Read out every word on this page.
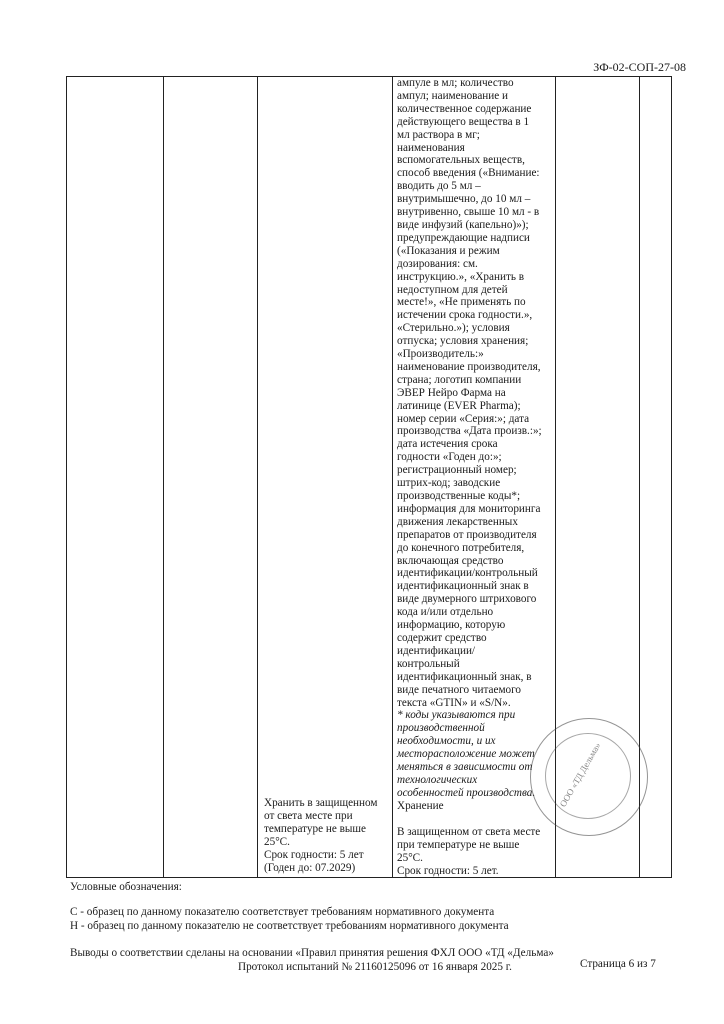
ЗФ-02-СОП-27-08
ампуле в мл; количество
ампул; наименование и
количественное содержание
действующего вещества в 1
мл раствора в мг;
наименования
вспомогательных веществ,
способ введения («Внимание:
вводить до 5 мл –
внутримышечно, до 10 мл –
внутривенно, свыше 10 мл - в
виде инфузий (капельно)»);
предупреждающие надписи
(«Показания и режим
дозирования: см.
инструкцию.», «Хранить в
недоступном для детей
месте!», «Не применять по
истечении срока годности.»,
«Стерильно.»); условия
отпуска; условия хранения;
«Производитель:»
наименование производителя,
страна; логотип компании
ЭВЕР Нейро Фарма на
латинице (EVER Pharma);
номер серии «Серия:»; дата
производства «Дата произв.:»;
дата истечения срока
годности «Годен до:»;
регистрационный номер;
штрих-код; заводские
производственные коды*;
информация для мониторинга
движения лекарственных
препаратов от производителя
до конечного потребителя,
включающая средство
идентификации/контрольный
идентификационный знак в
виде двумерного штрихового
кода и/или отдельно
информацию, которую
содержит средство
идентификации/
контрольный
идентификационный знак, в
виде печатного читаемого
текста «GTIN» и «S/N».
* коды указываются при
производственной
необходимости, и их
месторасположение может
меняться в зависимости от
технологических
особенностей производства.
Хранение
Хранить в защищенном
от света месте при
температуре не выше
25°С.
Срок годности: 5 лет
(Годен до: 07.2029)
В защищенном от света месте
при температуре не выше
25°С.
Срок годности: 5 лет.
ООО «ТД Дельма»
Условные обозначения:
С - образец по данному показателю соответствует требованиям нормативного документа
Н - образец по данному показателю не соответствует требованиям нормативного документа
Выводы о соответствии сделаны на основании «Правил принятия решения ФХЛ ООО «ТД «Дельма»
Протокол испытаний № 21160125096 от 16 января 2025 г.	Страница 6 из 7
